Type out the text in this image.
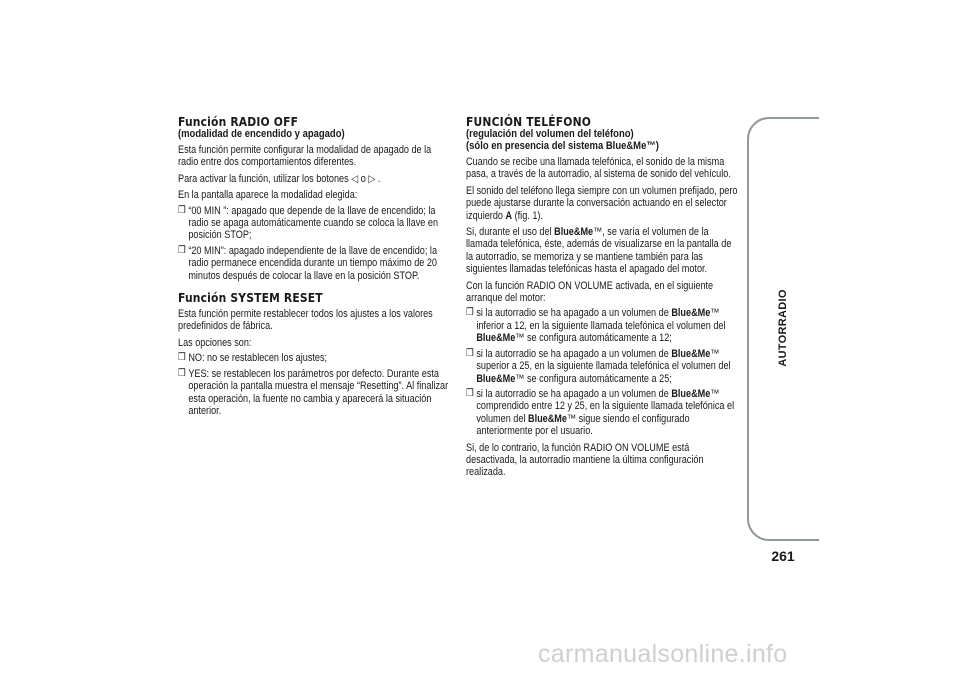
Función RADIO OFF
(modalidad de encendido y apagado)

Esta función permite configurar la modalidad de apagado de la radio entre dos comportamientos diferentes.

Para activar la función, utilizar los botones ◁ o ▷ .

En la pantalla aparece la modalidad elegida:

❒ “00 MIN ”: apagado que depende de la llave de encendido; la radio se apaga automáticamente cuando se coloca la llave en posición STOP;
❒ “20 MIN”: apagado independiente de la llave de encendido; la radio permanece encendida durante un tiempo máximo de 20 minutos después de colocar la llave en la posición STOP.
Función SYSTEM RESET

Esta función permite restablecer todos los ajustes a los valores predefinidos de fábrica.

Las opciones son:

❒ NO: no se restablecen los ajustes;
❒ YES: se restablecen los parámetros por defecto. Durante esta operación la pantalla muestra el mensaje “Resetting”. Al finalizar esta operación, la fuente no cambia y aparecerá la situación anterior.
FUNCIÓN TELÉFONO
(regulación del volumen del teléfono)
(sólo en presencia del sistema Blue&Me™)

Cuando se recibe una llamada telefónica, el sonido de la misma pasa, a través de la autorradio, al sistema de sonido del vehículo.

El sonido del teléfono llega siempre con un volumen prefijado, pero puede ajustarse durante la conversación actuando en el selector izquierdo A (fig. 1).

Si, durante el uso del Blue&Me™, se varía el volumen de la llamada telefónica, éste, además de visualizarse en la pantalla de la autorradio, se memoriza y se mantiene también para las siguientes llamadas telefónicas hasta el apagado del motor.

Con la función RADIO ON VOLUME activada, en el siguiente arranque del motor:

❒ si la autorradio se ha apagado a un volumen de Blue&Me™ inferior a 12, en la siguiente llamada telefónica el volumen del Blue&Me™ se configura automáticamente a 12;
❒ si la autorradio se ha apagado a un volumen de Blue&Me™ superior a 25, en la siguiente llamada telefónica el volumen del Blue&Me™ se configura automáticamente a 25;
❒ si la autorradio se ha apagado a un volumen de Blue&Me™ comprendido entre 12 y 25, en la siguiente llamada telefónica el volumen del Blue&Me™ sigue siendo el configurado anteriormente por el usuario.

Si, de lo contrario, la función RADIO ON VOLUME está desactivada, la autorradio mantiene la última configuración realizada.

AUTORRADIO
261
carmanualsonline.info
